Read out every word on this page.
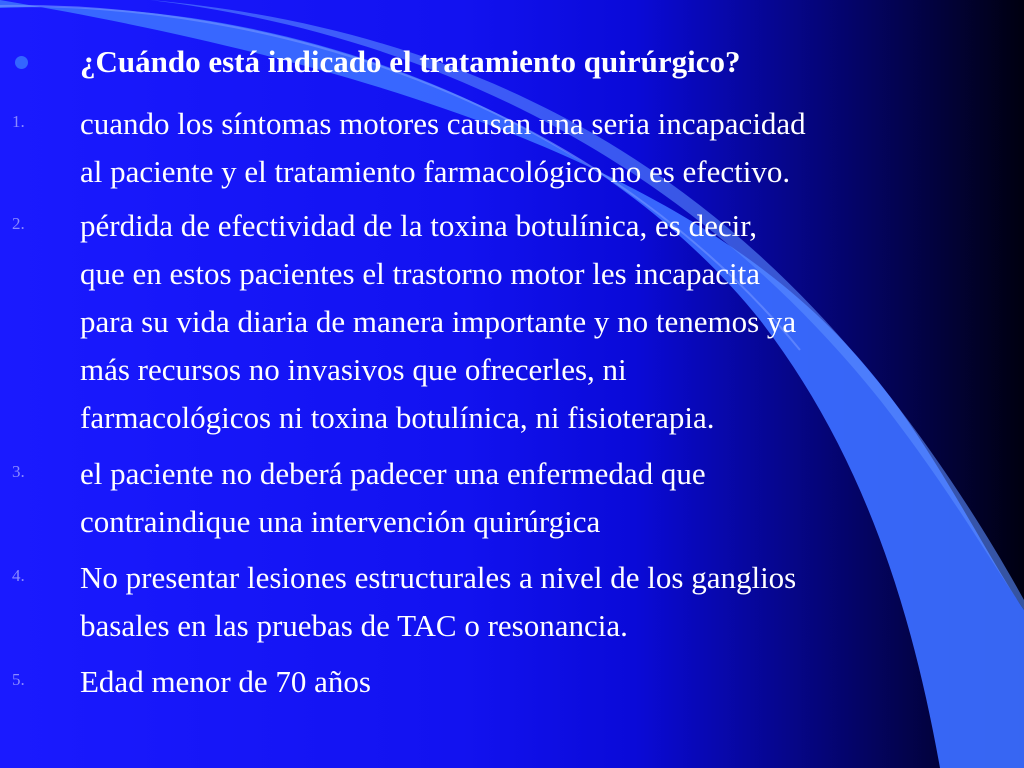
¿Cuándo está indicado el tratamiento quirúrgico?
1. cuando los síntomas motores causan una seria incapacidad
al paciente y el tratamiento farmacológico no es efectivo.
2. pérdida de efectividad de la toxina botulínica, es decir,
que en estos pacientes el trastorno motor les incapacita
para su vida diaria de manera importante y no tenemos ya
más recursos no invasivos que ofrecerles, ni
farmacológicos ni toxina botulínica, ni fisioterapia.
3. el paciente no deberá padecer una enfermedad que
contraindique una intervención quirúrgica
4. No presentar lesiones estructurales a nivel de los ganglios
basales en las pruebas de TAC o resonancia.
5. Edad menor de 70 años
